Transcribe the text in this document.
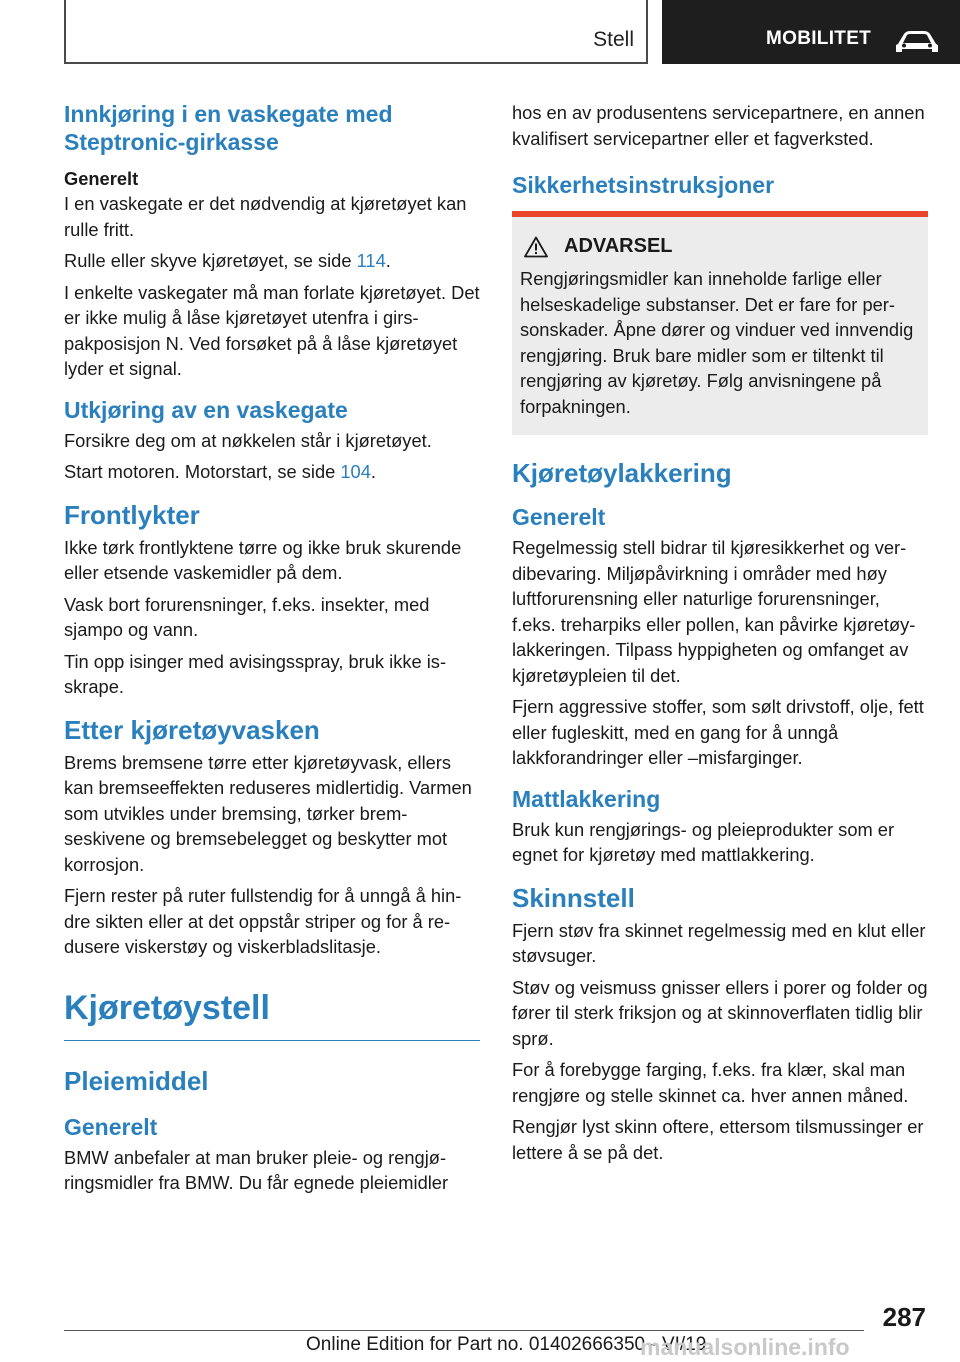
Stell	MOBILITET
Innkjøring i en vaskegate med Steptronic-girkasse
Generelt

I en vaskegate er det nødvendig at kjøretøyet kan rulle fritt.

Rulle eller skyve kjøretøyet, se side 114.

I enkelte vaskegater må man forlate kjøretøyet. Det er ikke mulig å låse kjøretøyet utenfra i girspakposisjon N. Ved forsøket på å låse kjøretøyet lyder et signal.

Utkjøring av en vaskegate

Forsikre deg om at nøkkelen står i kjøretøyet.

Start motoren. Motorstart, se side 104.

Frontlykter

Ikke tørk frontlyktene tørre og ikke bruk skurende eller etsende vaskemidler på dem.

Vask bort forurensninger, f.eks. insekter, med sjampo og vann.

Tin opp isinger med avisingsspray, bruk ikke isskrape.

Etter kjøretøyvasken

Brems bremsene tørre etter kjøretøyvask, ellers kan bremseeffekten reduseres midlertidig. Varmen som utvikles under bremsing, tørker bremseskivene og bremsebelegget og beskytter mot korrosjon.

Fjern rester på ruter fullstendig for å unngå å hindre sikten eller at det oppstår striper og for å redusere viskerstøy og viskerbladslitasje.

Kjøretøystell
Pleiemiddel
Generelt

BMW anbefaler at man bruker pleie- og rengjøringsmidler fra BMW. Du får egnede pleiemidler

hos en av produsentens servicepartnere, en annen kvalifisert servicepartner eller et fagverksted.

Sikkerhetsinstruksjoner
ADVARSEL

Rengjøringsmidler kan inneholde farlige eller helseskadelige substanser. Det er fare for personskader. Åpne dører og vinduer ved innvendig rengjøring. Bruk bare midler som er tiltenkt til rengjøring av kjøretøy. Følg anvisningene på forpakningen.

Kjøretøylakkering
Generelt

Regelmessig stell bidrar til kjøresikkerhet og verdibevaring. Miljøpåvirkning i områder med høy luftforurensning eller naturlige forurensninger, f.eks. treharpiks eller pollen, kan påvirke kjøretøylakkeringen. Tilpass hyppigheten og omfanget av kjøretøypleien til det.

Fjern aggressive stoffer, som sølt drivstoff, olje, fett eller fugleskitt, med en gang for å unngå lakkforandringer eller –misfarginger.

Mattlakkering

Bruk kun rengjørings- og pleieprodukter som er egnet for kjøretøy med mattlakkering.

Skinnstell

Fjern støv fra skinnet regelmessig med en klut eller støvsuger.

Støv og veismuss gnisser ellers i porer og folder og fører til sterk friksjon og at skinnoverflaten tidlig blir sprø.

For å forebygge farging, f.eks. fra klær, skal man rengjøre og stelle skinnet ca. hver annen måned.

Rengjør lyst skinn oftere, ettersom tilsmussinger er lettere å se på det.

287
Online Edition for Part no. 01402666350 - VI/19
manualsonline.info
